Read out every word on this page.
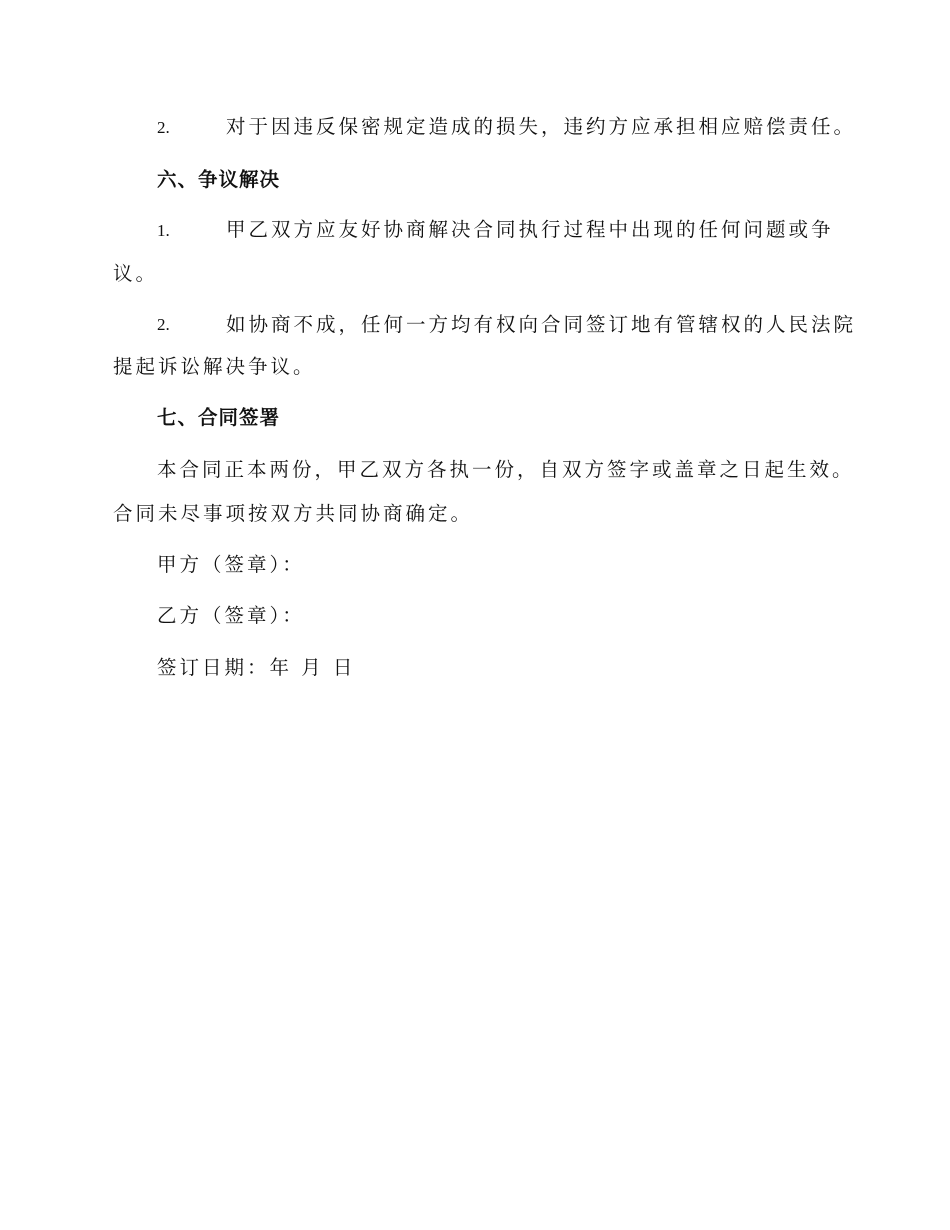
2.	对于因违反保密规定造成的损失，违约方应承担相应赔偿责任。
六、争议解决
1.	甲乙双方应友好协商解决合同执行过程中出现的任何问题或争
议。
2.	如协商不成，任何一方均有权向合同签订地有管辖权的人民法院
提起诉讼解决争议。
七、合同签署
本合同正本两份，甲乙双方各执一份，自双方签字或盖章之日起生效。
合同未尽事项按双方共同协商确定。
甲方（签章）：
乙方（签章）：
签订日期：年 月 日
